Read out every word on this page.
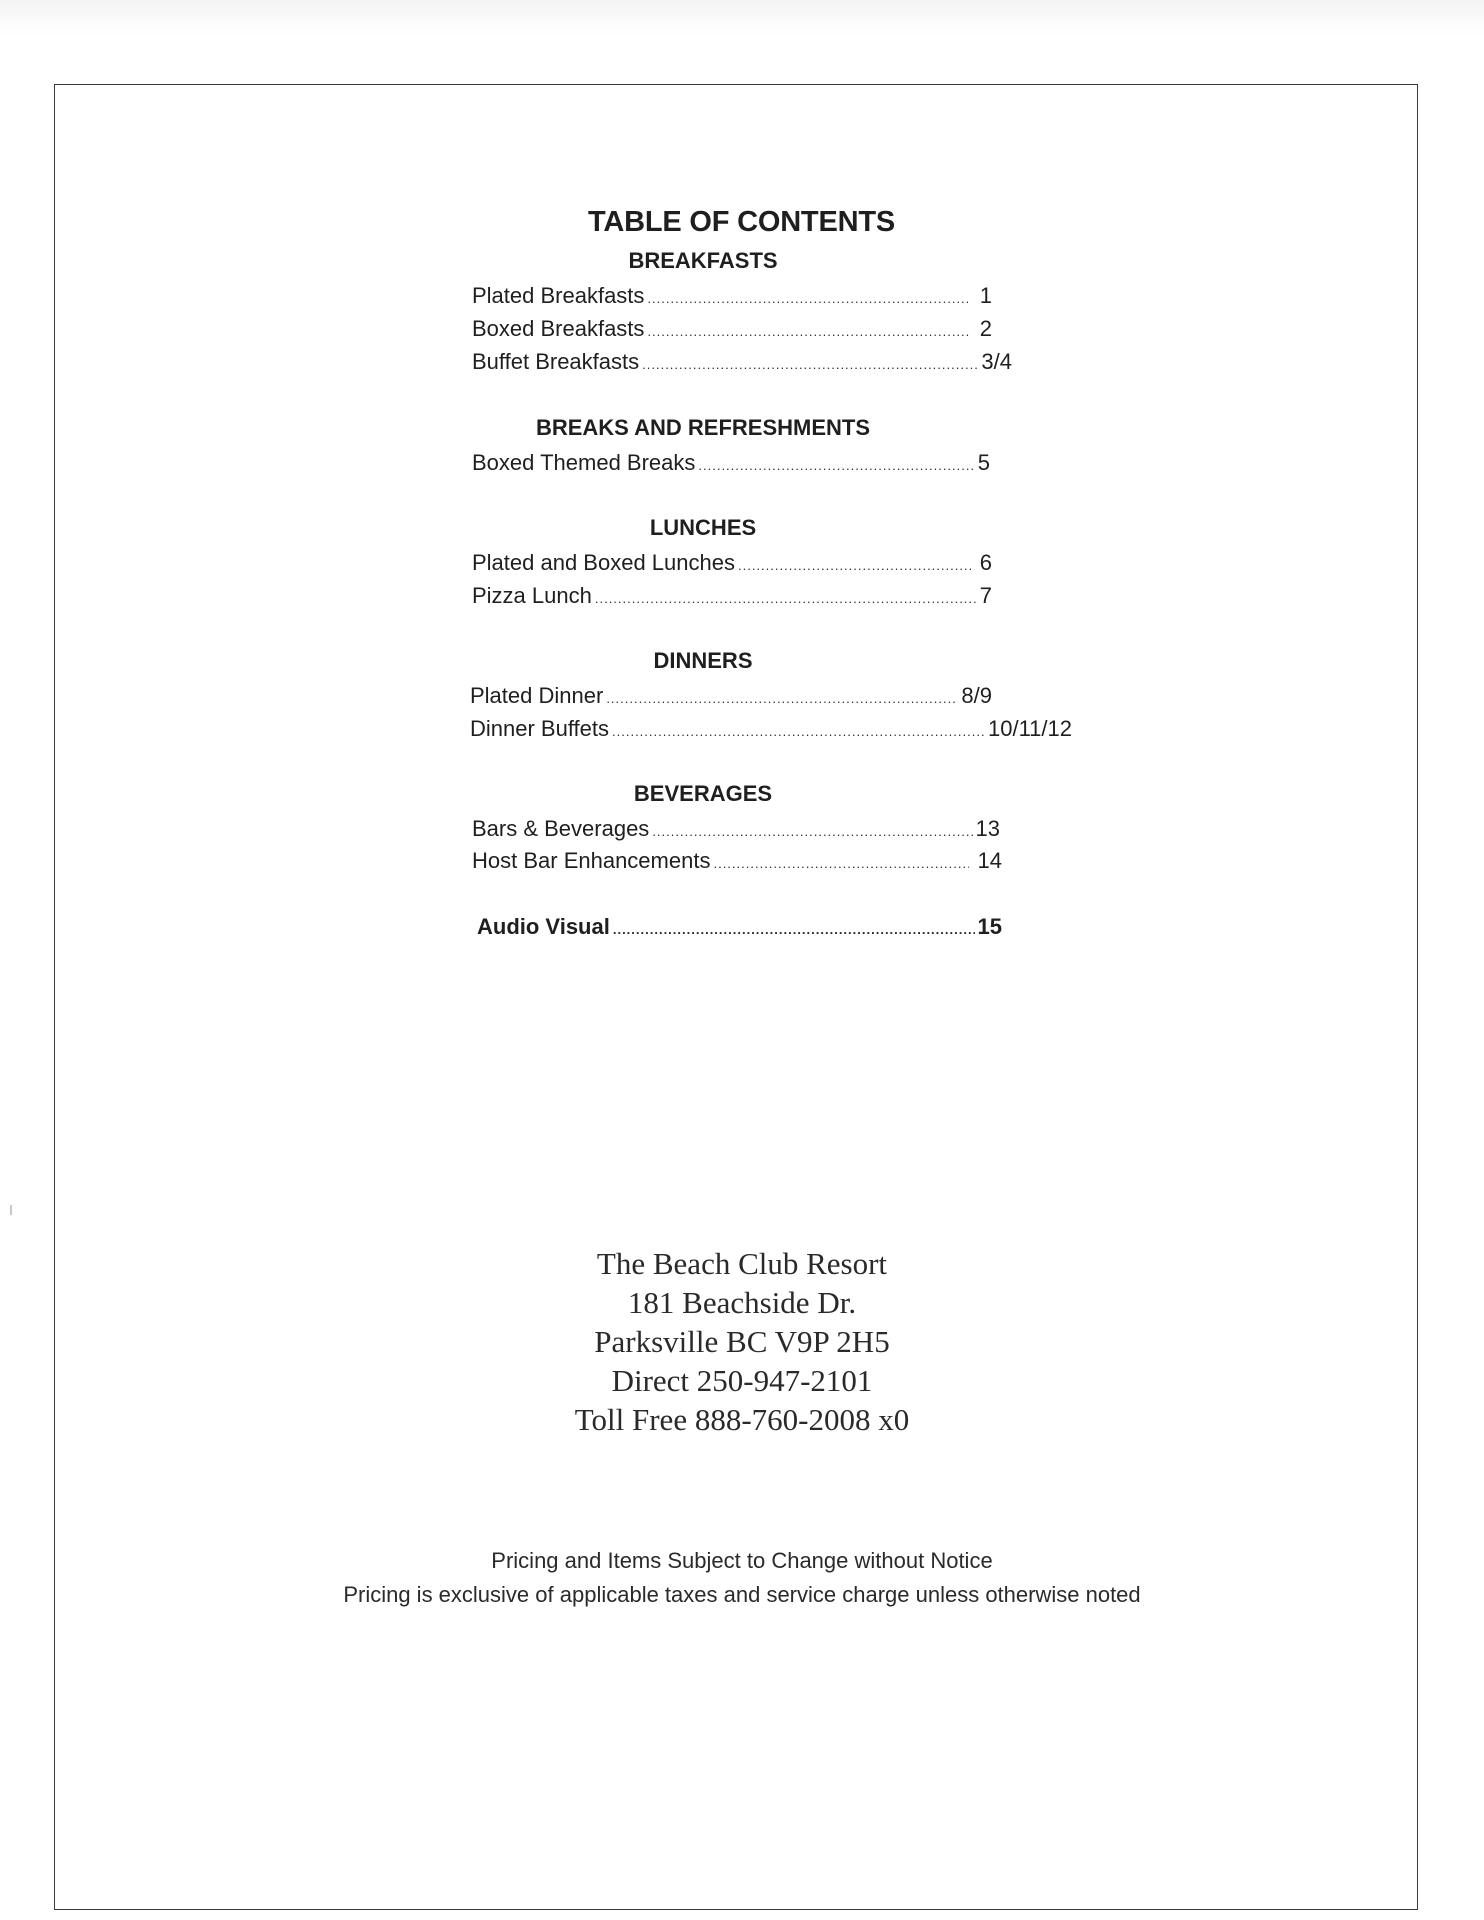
TABLE OF CONTENTS
BREAKFASTS
Plated Breakfasts .....	1
Boxed Breakfasts .....	2
Buffet Breakfasts .....	3/4
BREAKS AND REFRESHMENTS
Boxed Themed Breaks .....	5
LUNCHES
Plated and Boxed Lunches .....	6
Pizza Lunch .....	7
DINNERS
Plated Dinner .....	8/9
Dinner Buffets .....	10/11/12
BEVERAGES
Bars & Beverages .....	13
Host Bar Enhancements .....	14
Audio Visual .....	15
The Beach Club Resort
181 Beachside Dr.
Parksville BC V9P 2H5
Direct 250-947-2101
Toll Free 888-760-2008 x0
Pricing and Items Subject to Change without Notice
Pricing is exclusive of applicable taxes and service charge unless otherwise noted
